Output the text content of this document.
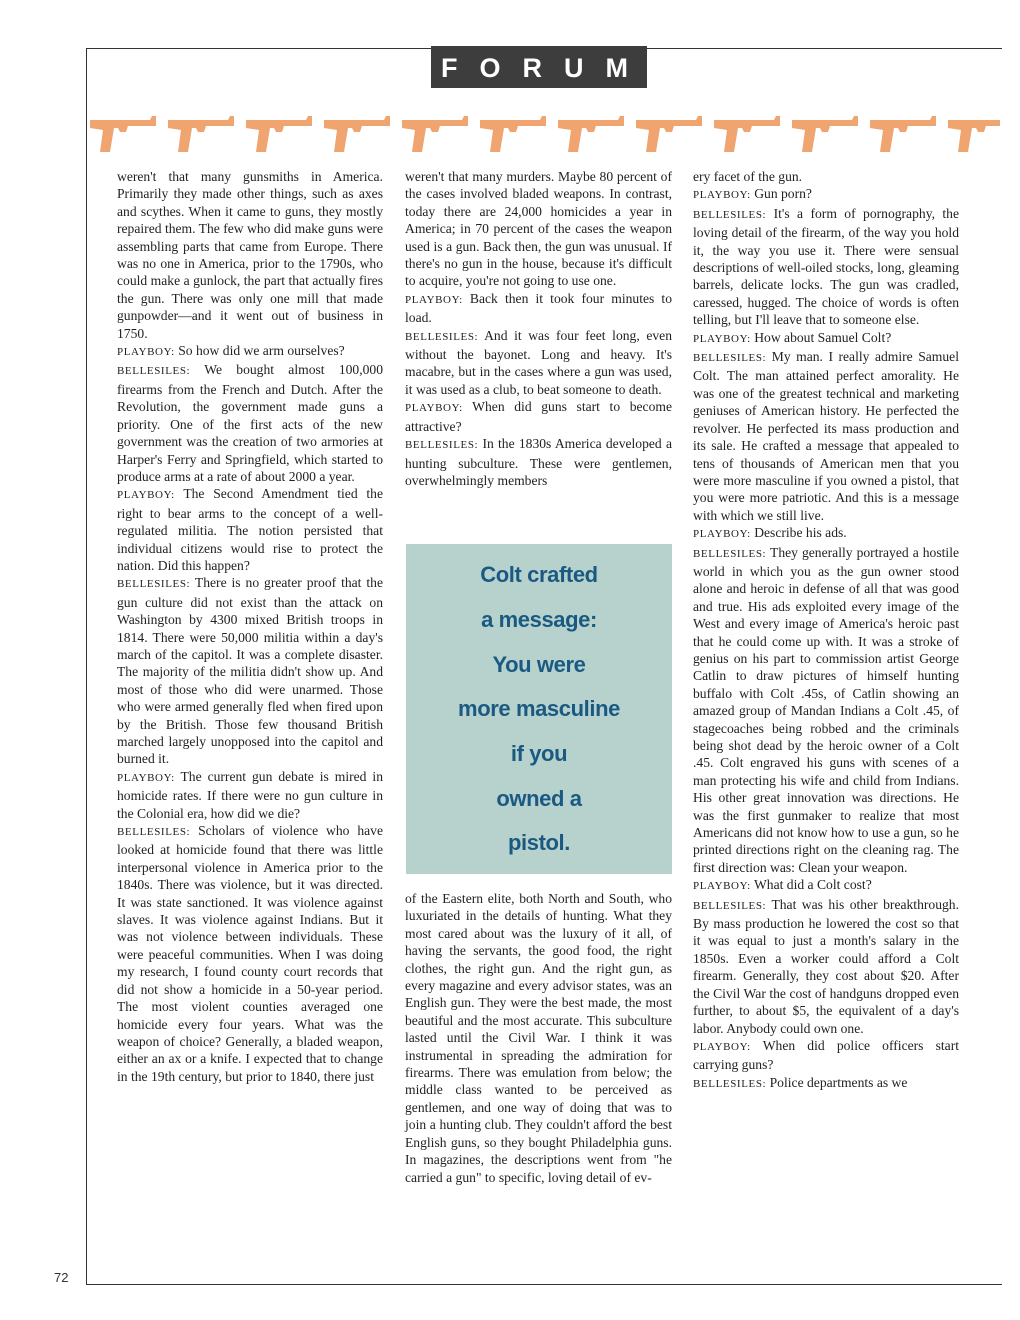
FORUM

weren't that many gunsmiths in America. Primarily they made other things, such as axes and scythes. When it came to guns, they mostly repaired them. The few who did make guns were assembling parts that came from Europe. There was no one in America, prior to the 1790s, who could make a gunlock, the part that actually fires the gun. There was only one mill that made gunpowder—and it went out of business in 1750.

PLAYBOY: So how did we arm ourselves?

BELLESILES: We bought almost 100,000 firearms from the French and Dutch. After the Revolution, the government made guns a priority. One of the first acts of the new government was the creation of two armories at Harper's Ferry and Springfield, which started to produce arms at a rate of about 2000 a year.

PLAYBOY: The Second Amendment tied the right to bear arms to the concept of a well-regulated militia. The notion persisted that individual citizens would rise to protect the nation. Did this happen?

BELLESILES: There is no greater proof that the gun culture did not exist than the attack on Washington by 4300 mixed British troops in 1814. There were 50,000 militia within a day's march of the capitol. It was a complete disaster. The majority of the militia didn't show up. And most of those who did were unarmed. Those who were armed generally fled when fired upon by the British. Those few thousand British marched largely unopposed into the capitol and burned it.

PLAYBOY: The current gun debate is mired in homicide rates. If there were no gun culture in the Colonial era, how did we die?

BELLESILES: Scholars of violence who have looked at homicide found that there was little interpersonal violence in America prior to the 1840s. There was violence, but it was directed. It was state sanctioned. It was violence against slaves. It was violence against Indians. But it was not violence between individuals. These were peaceful communities. When I was doing my research, I found county court records that did not show a homicide in a 50-year period. The most violent counties averaged one homicide every four years. What was the weapon of choice? Generally, a bladed weapon, either an ax or a knife. I expected that to change in the 19th century, but prior to 1840, there just

weren't that many murders. Maybe 80 percent of the cases involved bladed weapons. In contrast, today there are 24,000 homicides a year in America; in 70 percent of the cases the weapon used is a gun. Back then, the gun was unusual. If there's no gun in the house, because it's difficult to acquire, you're not going to use one.

PLAYBOY: Back then it took four minutes to load.

BELLESILES: And it was four feet long, even without the bayonet. Long and heavy. It's macabre, but in the cases where a gun was used, it was used as a club, to beat someone to death.

PLAYBOY: When did guns start to become attractive?

BELLESILES: In the 1830s America developed a hunting subculture. These were gentlemen, overwhelmingly members

Colt crafted
a message:
You were
more masculine
if you
owned a
pistol.

of the Eastern elite, both North and South, who luxuriated in the details of hunting. What they most cared about was the luxury of it all, of having the servants, the good food, the right clothes, the right gun. And the right gun, as every magazine and every advisor states, was an English gun. They were the best made, the most beautiful and the most accurate. This subculture lasted until the Civil War. I think it was instrumental in spreading the admiration for firearms. There was emulation from below; the middle class wanted to be perceived as gentlemen, and one way of doing that was to join a hunting club. They couldn't afford the best English guns, so they bought Philadelphia guns. In magazines, the descriptions went from "he carried a gun" to specific, loving detail of ev-

ery facet of the gun.

PLAYBOY: Gun porn?

BELLESILES: It's a form of pornography, the loving detail of the firearm, of the way you hold it, the way you use it. There were sensual descriptions of well-oiled stocks, long, gleaming barrels, delicate locks. The gun was cradled, caressed, hugged. The choice of words is often telling, but I'll leave that to someone else.

PLAYBOY: How about Samuel Colt?

BELLESILES: My man. I really admire Samuel Colt. The man attained perfect amorality. He was one of the greatest technical and marketing geniuses of American history. He perfected the revolver. He perfected its mass production and its sale. He crafted a message that appealed to tens of thousands of American men that you were more masculine if you owned a pistol, that you were more patriotic. And this is a message with which we still live.

PLAYBOY: Describe his ads.

BELLESILES: They generally portrayed a hostile world in which you as the gun owner stood alone and heroic in defense of all that was good and true. His ads exploited every image of the West and every image of America's heroic past that he could come up with. It was a stroke of genius on his part to commission artist George Catlin to draw pictures of himself hunting buffalo with Colt .45s, of Catlin showing an amazed group of Mandan Indians a Colt .45, of stagecoaches being robbed and the criminals being shot dead by the heroic owner of a Colt .45. Colt engraved his guns with scenes of a man protecting his wife and child from Indians. His other great innovation was directions. He was the first gunmaker to realize that most Americans did not know how to use a gun, so he printed directions right on the cleaning rag. The first direction was: Clean your weapon.

PLAYBOY: What did a Colt cost?

BELLESILES: That was his other breakthrough. By mass production he lowered the cost so that it was equal to just a month's salary in the 1850s. Even a worker could afford a Colt firearm. Generally, they cost about $20. After the Civil War the cost of handguns dropped even further, to about $5, the equivalent of a day's labor. Anybody could own one.

PLAYBOY: When did police officers start carrying guns?

BELLESILES: Police departments as we

72
